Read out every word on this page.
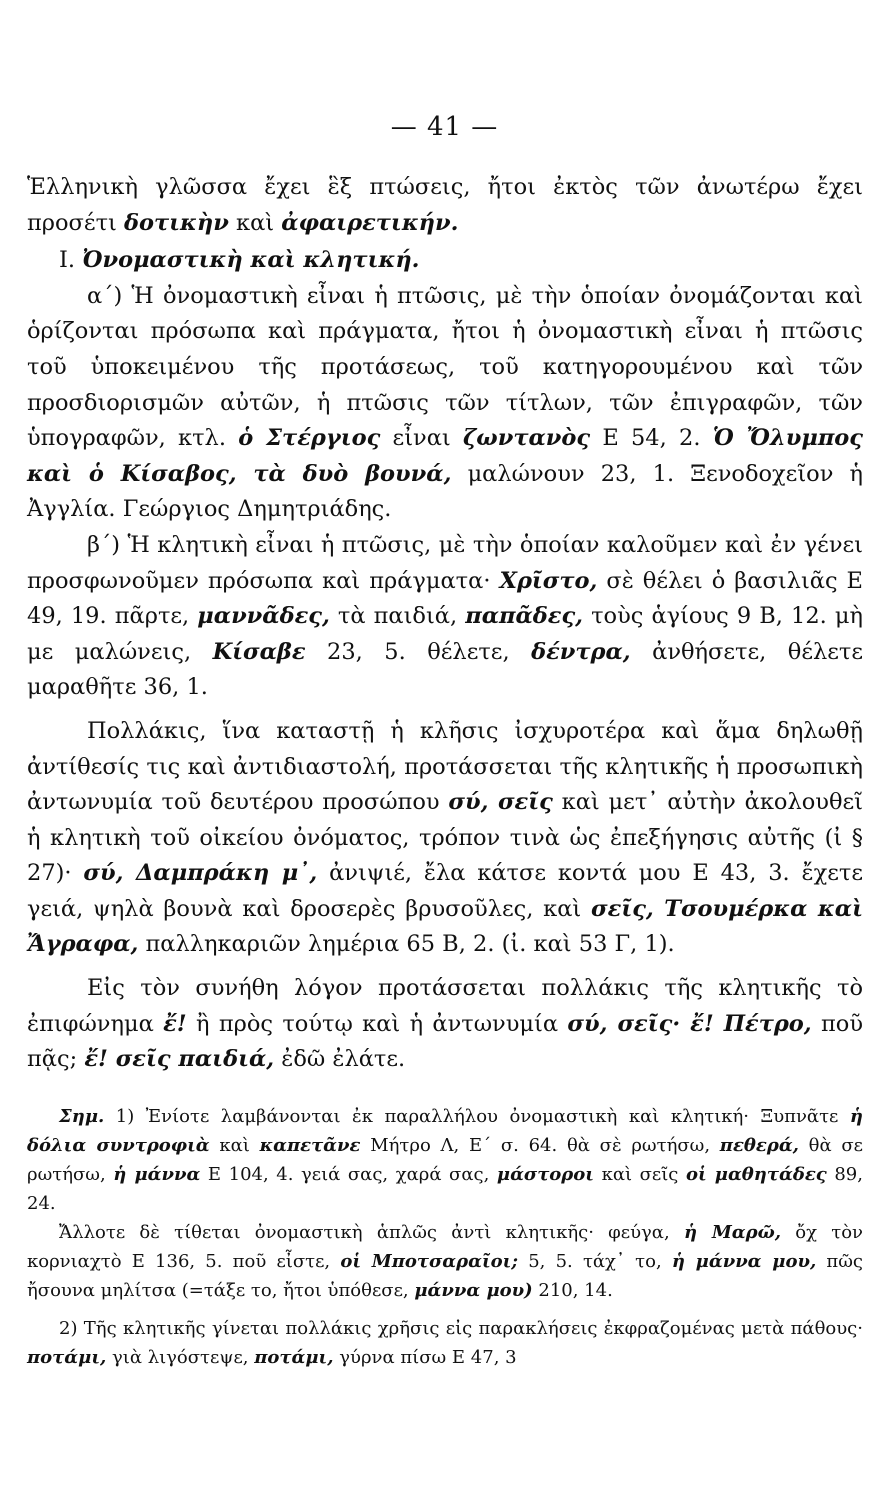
— 41 —

Ἑλληνικὴ γλῶσσα ἔχει ἓξ πτώσεις, ἤτοι ἐκτὸς τῶν ἀνωτέρω ἔχει προσέτι δοτικὴν καὶ ἀφαιρετικήν.

I. Ὀνομαστικὴ καὶ κλητική.

α΄) Ἡ ὀνομαστικὴ εἶναι ἡ πτῶσις, μὲ τὴν ὁποίαν ὀνομάζονται καὶ ὁρίζονται πρόσωπα καὶ πράγματα, ἤτοι ἡ ὀνομαστικὴ εἶναι ἡ πτῶσις τοῦ ὑποκειμένου τῆς προτάσεως, τοῦ κατηγορουμένου καὶ τῶν προσδιορισμῶν αὐτῶν, ἡ πτῶσις τῶν τίτλων, τῶν ἐπιγραφῶν, τῶν ὑπογραφῶν, κτλ. ὁ Στέργιος εἶναι ζωντανὸς Ε 54, 2. Ὁ Ὄλυμπος καὶ ὁ Κίσαβος, τὰ δυὸ βουνά, μαλώνουν 23, 1. Ξενοδοχεῖον ἡ Ἀγγλία. Γεώργιος Δημητριάδης.

β΄) Ἡ κλητικὴ εἶναι ἡ πτῶσις, μὲ τὴν ὁποίαν καλοῦμεν καὶ ἐν γένει προσφωνοῦμεν πρόσωπα καὶ πράγματα· Χρῖστο, σὲ θέλει ὁ βασιλιᾶς Ε 49, 19. πᾶρτε, μαννᾶδες, τὰ παιδιά, παπᾶδες, τοὺς ἁγίους 9 Β, 12. μὴ με μαλώνεις, Κίσαβε 23, 5. θέλετε, δέντρα, ἀνθήσετε, θέλετε μαραθῆτε 36, 1.

Πολλάκις, ἵνα καταστῇ ἡ κλῆσις ἰσχυροτέρα καὶ ἅμα δηλωθῇ ἀντίθεσίς τις καὶ ἀντιδιαστολή, προτάσσεται τῆς κλητικῆς ἡ προσωπικὴ ἀντωνυμία τοῦ δευτέρου προσώπου σύ, σεῖς καὶ μετ᾿ αὐτὴν ἀκολουθεῖ ἡ κλητικὴ τοῦ οἰκείου ὀνόματος, τρόπον τινὰ ὡς ἐπεξήγησις αὐτῆς (ἰ § 27)· σύ, Δαμπράκη μ᾿, ἀνιψιέ, ἔλα κάτσε κοντά μου Ε 43, 3. ἔχετε γειά, ψηλὰ βουνὰ καὶ δροσερὲς βρυσοῦλες, καὶ σεῖς, Τσουμέρκα καὶ Ἄγραφα, παλληκαριῶν λημέρια 65 Β, 2. (ἰ. καὶ 53 Γ, 1).

Εἰς τὸν συνήθη λόγον προτάσσεται πολλάκις τῆς κλητικῆς τὸ ἐπιφώνημα ἔ! ἢ πρὸς τούτῳ καὶ ἡ ἀντωνυμία σύ, σεῖς· ἔ! Πέτρο, ποῦ πᾷς; ἔ! σεῖς παιδιά, ἐδῶ ἐλάτε.

Σημ. 1) Ἐνίοτε λαμβάνονται ἐκ παραλλήλου ὀνομαστικὴ καὶ κλητική· Ξυπνᾶτε ἡ δόλια συντροφιὰ καὶ καπετᾶνε Μήτρο Λ, Ε΄ σ. 64. θὰ σὲ ρωτήσω, πεθερά, θὰ σε ρωτήσω, ἡ μάννα Ε 104, 4. γειά σας, χαρά σας, μάστοροι καὶ σεῖς οἱ μαθητάδες 89, 24.

Ἄλλοτε δὲ τίθεται ὀνομαστικὴ ἁπλῶς ἀντὶ κλητικῆς· φεύγα, ἡ Μαρῶ, ὄχ τὸν κορνιαχτὸ Ε 136, 5. ποῦ εἶστε, οἱ Μποτσαραῖοι; 5, 5. τάχ᾿ το, ἡ μάννα μου, πῶς ἤσουνα μηλίτσα (=τάξε το, ἤτοι ὑπόθεσε, μάννα μου) 210, 14.

2) Τῆς κλητικῆς γίνεται πολλάκις χρῆσις εἰς παρακλήσεις ἐκφραζομένας μετὰ πάθους· ποτάμι, γιὰ λιγόστεψε, ποτάμι, γύρνα πίσω Ε 47, 3
